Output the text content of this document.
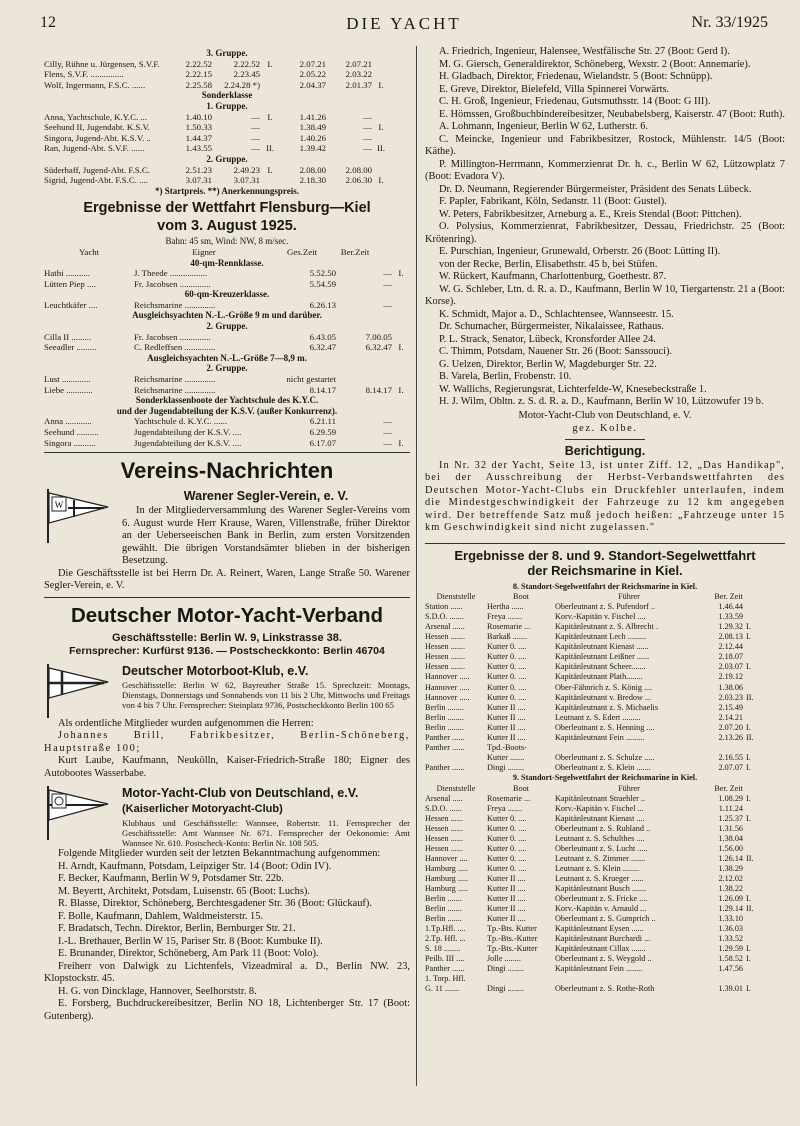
12	DIE YACHT	Nr. 33/1925
3. Gruppe.
Cilly, Rühne u. Jürgensen, S.V.F.	2.22.52	2.22.52 I.	2.07.21	2.07.21
Flens, S.V.F. ...............	2.22.15	2.23.45	2.05.22	2.03.22
Wolf, Ingermann, F.S.C. ......	2.25.58	2.24.28 *)	2.04.37	2.01.37 I.
Sonderklasse
1. Gruppe.
Anna, Yachtschule, K.Y.C. ...	1.40.10	— I.	1.41.26	—
Seehund II, Jugendabt. K.S.V.	1.50.33	—	1.38.49	— I.
Singora, Jugend-Abt. K.S.V. ..	1.44.37	—	1.40.26	—
Ran, Jugend-Abt. S.V.F. ......	1.43.55	— II.	1.39.42	— II.
2. Gruppe.
Süderhaff, Jugend-Abt. F.S.C.	2.51.23	2.49.23 I.	2.08.00	2.08.00
Sigrid, Jugend-Abt. F.S.C. ....	3.07.31	3.07.31	2.18.30	2.06.30 I.
*) Startpreis. **) Anerkennungspreis.
Ergebnisse der Wettfahrt Flensburg—Kiel
vom 3. August 1925.
Bahn: 45 sm, Wind: NW, 8 m/sec.
Yacht	Eigner	Ges.Zeit	Ber.Zeit
40-qm-Rennklasse.
Hathi ...........	J. Theede .................	5.52.50	— I.
Lütten Piep ....	Fr. Jacobsen ..............	5.54.59	—
60-qm-Kreuzerklasse.
Leuchtkäfer ....	Reichsmarine ..............	6.26.13	—
Ausgleichsyachten N.-L.-Größe 9 m und darüber.
2. Gruppe.
Cilla II .........	Fr. Jacobsen ..............	6.43.05	7.00.05
Seeadler .........	C. Redleffsen ..............	6.32.47	6.32.47 I.
Ausgleichsyachten N.-L.-Größe 7—8,9 m.
2. Gruppe.
Lust .............	Reichsmarine ..............	nicht gestartet
Liebe ............	Reichsmarine ..............	8.14.17	8.14.17 I.
Sonderklassenboote der Yachtschule des K.Y.C.
und der Jugendabteilung der K.S.V. (außer Konkurrenz).
Anna ............	Yachtschule d. K.Y.C. ......	6.21.11	—
Seehund ..........	Jugendabteilung der K.S.V. ....	6.29.59	—
Singora ..........	Jugendabteilung der K.S.V. ....	6.17.07	— I.
Vereins-Nachrichten
W
Warener Segler-Verein, e. V.

In der Mitgliederversammlung des Warener Segler-Vereins vom 6. August wurde Herr Krause, Waren, Villenstraße, früher Direktor an der Ueberseeischen Bank in Berlin, zum ersten Vorsitzenden gewählt. Die übrigen Vorstandsämter blieben in der bisherigen Besetzung.

Die Geschäftsstelle ist bei Herrn Dr. A. Reinert, Waren, Lange Straße 50. Warener Segler-Verein, e. V.

Deutscher Motor-Yacht-Verband
Geschäftsstelle: Berlin W. 9, Linkstrasse 38.
Fernsprecher: Kurfürst 9136. — Postscheckkonto: Berlin 46704
Deutscher Motorboot-Klub, e.V.

Geschäftsstelle: Berlin W 62, Bayreuther Straße 15. Sprechzeit: Montags, Dienstags, Donnerstags und Sonnabends von 11 bis 2 Uhr, Mittwochs und Freitags von 4 bis 7 Uhr. Fernsprecher: Steinplatz 9736, Postscheckkonto Berlin 100 65

Als ordentliche Mitglieder wurden aufgenommen die Herren:

Johannes Brill, Fabrikbesitzer, Berlin-Schöneberg, Hauptstraße 100;

Kurt Laube, Kaufmann, Neukölln, Kaiser-Friedrich-Straße 180; Eigner des Autobootes Wasserbabe.

Motor-Yacht-Club von Deutschland, e.V.
(Kaiserlicher Motoryacht-Club)

Klubhaus und Geschäftsstelle: Wannsee, Robertstr. 11. Fernsprecher der Geschäftsstelle: Amt Wannsee Nr. 671. Fernsprecher der Oekonomie: Amt Wannsee Nr. 610. Postscheck-Konto: Berlin Nr. 108 505.

Folgende Mitglieder wurden seit der letzten Bekanntmachung aufgenommen:

H. Arndt, Kaufmann, Potsdam, Leipziger Str. 14 (Boot: Odin IV).

F. Becker, Kaufmann, Berlin W 9, Potsdamer Str. 22b.

M. Beyertt, Architekt, Potsdam, Luisenstr. 65 (Boot: Luchs).

R. Blasse, Direktor, Schöneberg, Berchtesgadener Str. 36 (Boot: Glückauf).

F. Bolle, Kaufmann, Dahlem, Waldmeisterstr. 15.

F. Bradatsch, Techn. Direktor, Berlin, Bernburger Str. 21.

I.-L. Brethauer, Berlin W 15, Pariser Str. 8 (Boot: Kumbuke II).

E. Brunander, Direktor, Schöneberg, Am Park 11 (Boot: Volo).

Freiherr von Dalwigk zu Lichtenfels, Vizeadmiral a. D., Berlin NW. 23, Klopstockstr. 45.

H. G. von Dincklage, Hannover, Seelhorststr. 8.

E. Forsberg, Buchdruckereibesitzer, Berlin NO 18, Lichtenberger Str. 17 (Boot: Gutenberg).

A. Friedrich, Ingenieur, Halensee, Westfälische Str. 27 (Boot: Gerd I).

M. G. Giersch, Generaldirektor, Schöneberg, Wexstr. 2 (Boot: Annemarie).

H. Gladbach, Direktor, Friedenau, Wielandstr. 5 (Boot: Schnüpp).

E. Greve, Direktor, Bielefeld, Villa Spinnerei Vorwärts.

C. H. Groß, Ingenieur, Friedenau, Gutsmuthsstr. 14 (Boot: G III).

E. Hömssen, Großbuchbindereibesitzer, Neubabelsberg, Kaiserstr. 47 (Boot: Ruth).

A. Lohmann, Ingenieur, Berlin W 62, Lutherstr. 6.

C. Meincke, Ingenieur und Fabrikbesitzer, Rostock, Mühlenstr. 14/5 (Boot: Käthe).

P. Millington-Herrmann, Kommerzienrat Dr. h. c., Berlin W 62, Lützowplatz 7 (Boot: Evadora V).

Dr. D. Neumann, Regierender Bürgermeister, Präsident des Senats Lübeck.

F. Papler, Fabrikant, Köln, Sedanstr. 11 (Boot: Gustel).

W. Peters, Fabrikbesitzer, Arneburg a. E., Kreis Stendal (Boot: Pittchen).

O. Polysius, Kommerzienrat, Fabrikbesitzer, Dessau, Friedrichstr. 25 (Boot: Krötenring).

E. Purschian, Ingenieur, Grunewald, Orberstr. 26 (Boot: Lütting II).

von der Recke, Berlin, Elisabethstr. 45 b, bei Stüfen.

W. Rückert, Kaufmann, Charlottenburg, Goethestr. 87.

W. G. Schleber, Ltn. d. R. a. D., Kaufmann, Berlin W 10, Tiergartenstr. 21 a (Boot: Korse).

K. Schmidt, Major a. D., Schlachtensee, Wannseestr. 15.

Dr. Schumacher, Bürgermeister, Nikalaissee, Rathaus.

P. L. Strack, Senator, Lübeck, Kronsforder Allee 24.

C. Thimm, Potsdam, Nauener Str. 26 (Boot: Sanssouci).

G. Uelzen, Direktor, Berlin W, Magdeburger Str. 22.

B. Varela, Berlin, Frobenstr. 10.

W. Wallichs, Regierungsrat, Lichterfelde-W, Knesebeckstraße 1.

H. J. Wilm, Obltn. z. S. d. R. a. D., Kaufmann, Berlin W 10, Lützowufer 19 b.

Motor-Yacht-Club von Deutschland, e. V.
gez. Kolbe.
Berichtigung.

In Nr. 32 der Yacht, Seite 13, ist unter Ziff. 12, „Das Handikap", bei der Ausschreibung der Herbst-Verbandswettfahrten des Deutschen Motor-Yacht-Clubs ein Druckfehler unterlaufen, indem die Mindestgeschwindigkeit der Fahrzeuge zu 12 km angegeben wird. Der betreffende Satz muß jedoch heißen: „Fahrzeuge unter 15 km Geschwindigkeit sind nicht zugelassen."

Ergebnisse der 8. und 9. Standort-Segelwettfahrt
der Reichsmarine in Kiel.
8. Standort-Segelwettfahrt der Reichsmarine in Kiel.
Dienststelle	Boot	Führer	Ber. Zeit
Station ......	Hertha ......	Oberleutnant z. S. Pufendorf ..	1.46.44
S.D.O. .......	Freya .......	Korv.-Kapitän v. Fischel ....	1.33.59
Arsenal ......	Rosemarie ...	Kapitänleutnant z. S. Albrecht .	1.29.32 I.
Hessen .......	Barkaß .......	Kapitänleutnant Lech .........	2.08.13 I.
Hessen .......	Kutter 0. ....	Kapitänleutnant Kienast ......	2.12.44
Hessen .......	Kutter 0. ....	Kapitänleutnant Leißner ......	2.18.07
Hessen .......	Kutter 0. ....	Kapitänleutnant Scheer.......	2.03.07 I.
Hannover .....	Kutter 0. ....	Kapitänleutnant Plath........	2.19.12
Hannover .....	Kutter 0. ....	Ober-Fähnrich z. S. König ....	1.38.06
Hannover .....	Kutter 0. ....	Kapitänleutnant v. Bredow ...	2.03.23 II.
Berlin ........	Kutter II ....	Kapitänleutnant z. S. Michaelis	2.15.49
Berlin ........	Kutter II ....	Leutnant z. S. Edert .........	2.14.21
Berlin ........	Kutter II ....	Oberleutnant z. S. Henning ....	2.07.20 I.
Panther ......	Kutter II ....	Kapitänleutnant Fein .........	2.13.26 II.
Panther ......	Tpd.-Boots-
Kutter .......	Oberleutnant z. S. Schulze .....	2.16.55 I.
Panther ......	Dingi ........	Oberleutnant z. S. Klein .......	2.07.07 I.
9. Standort-Segelwettfahrt der Reichsmarine in Kiel.
Dienststelle	Boot	Führer	Ber. Zeit
Arsenal .....	Rosemarie ...	Kapitänleutnant Straehler ..	1.08.29 I.
S.D.O. ......	Freya .......	Korv.-Kapitän v. Fischel ...	1.11.24
Hessen ......	Kutter 0. ....	Kapitänleutnant Kienast ....	1.25.37 I.
Hessen ......	Kutter 0. ....	Oberleutnant z. S. Ruhland ..	1.31.56
Hessen ......	Kutter 0. ....	Leutnant z. S. Schulthes ....	1.38.04
Hessen ......	Kutter 0. ....	Oberleutnant z. S. Lucht .....	1.56.00
Hannover ....	Kutter 0. ....	Leutnant z. S. Zimmer .......	1.26.14 II.
Hamburg .....	Kutter 0. ....	Leutnant z. S. Klein ........	1.38.29
Hamburg .....	Kutter II ....	Leutnant z. S. Krueger ......	2.12.02
Hamburg .....	Kutter II ....	Kapitänleutnant Busch .......	1.38.22
Berlin .......	Kutter II ....	Oberleutnant z. S. Fricke ....	1.26.09 I.
Berlin .......	Kutter II ....	Korv.-Kapitän v. Arnauld ...	1.29.14 II.
Berlin .......	Kutter II ....	Oberleutnant z. S. Gumprich ..	1.33.10
1.Tp.Hfl. ....	Tp.-Bts. Kutter	Kapitänleutnant Eysen ......	1.36.03
2.Tp. Hfl. ...	Tp.-Bts.-Kutter	Kapitänleutnant Burchardi ...	1.33.52
S. 18 ........	Tp.-Bts.-Kutter	Kapitänleutnant Cillax .......	1.29.59 I.
Peilb. III ....	Jolle ........	Oberleutnant z. S. Weygold ..	1.58.52 I.
Panther ......	Dingi ........	Kapitänleutnant Fein ........	1.47.56
1. Torp. Hfl.
G. 11 .......	Dingi ........	Oberleutnant z. S. Rothe-Roth	1.39.01 I.
